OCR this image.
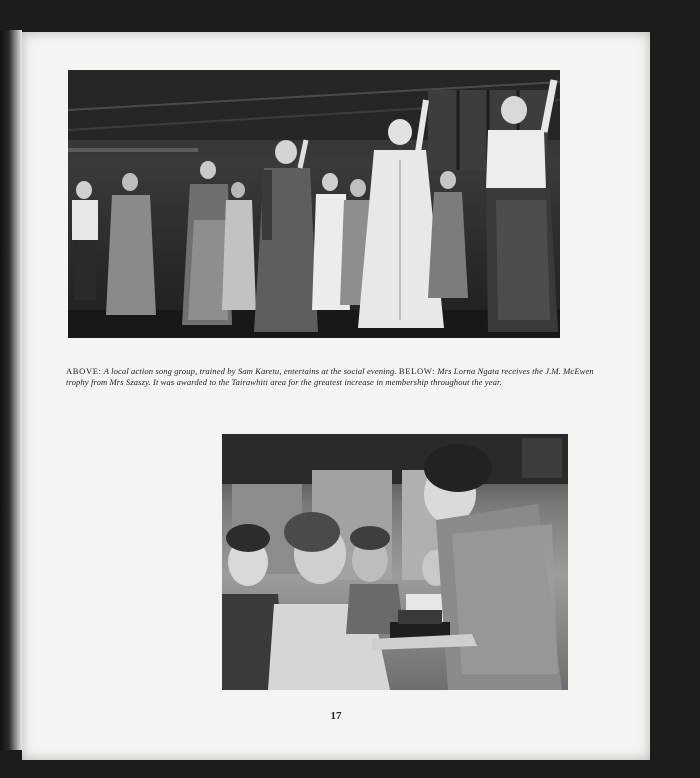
ABOVE: A local action song group, trained by Sam Karetu, entertains at the social evening. BELOW: Mrs Lorna Ngata receives the J.M. McEwen trophy from Mrs Szaszy. It was awarded to the Tairawhiti area for the greatest increase in membership throughout the year.
17
